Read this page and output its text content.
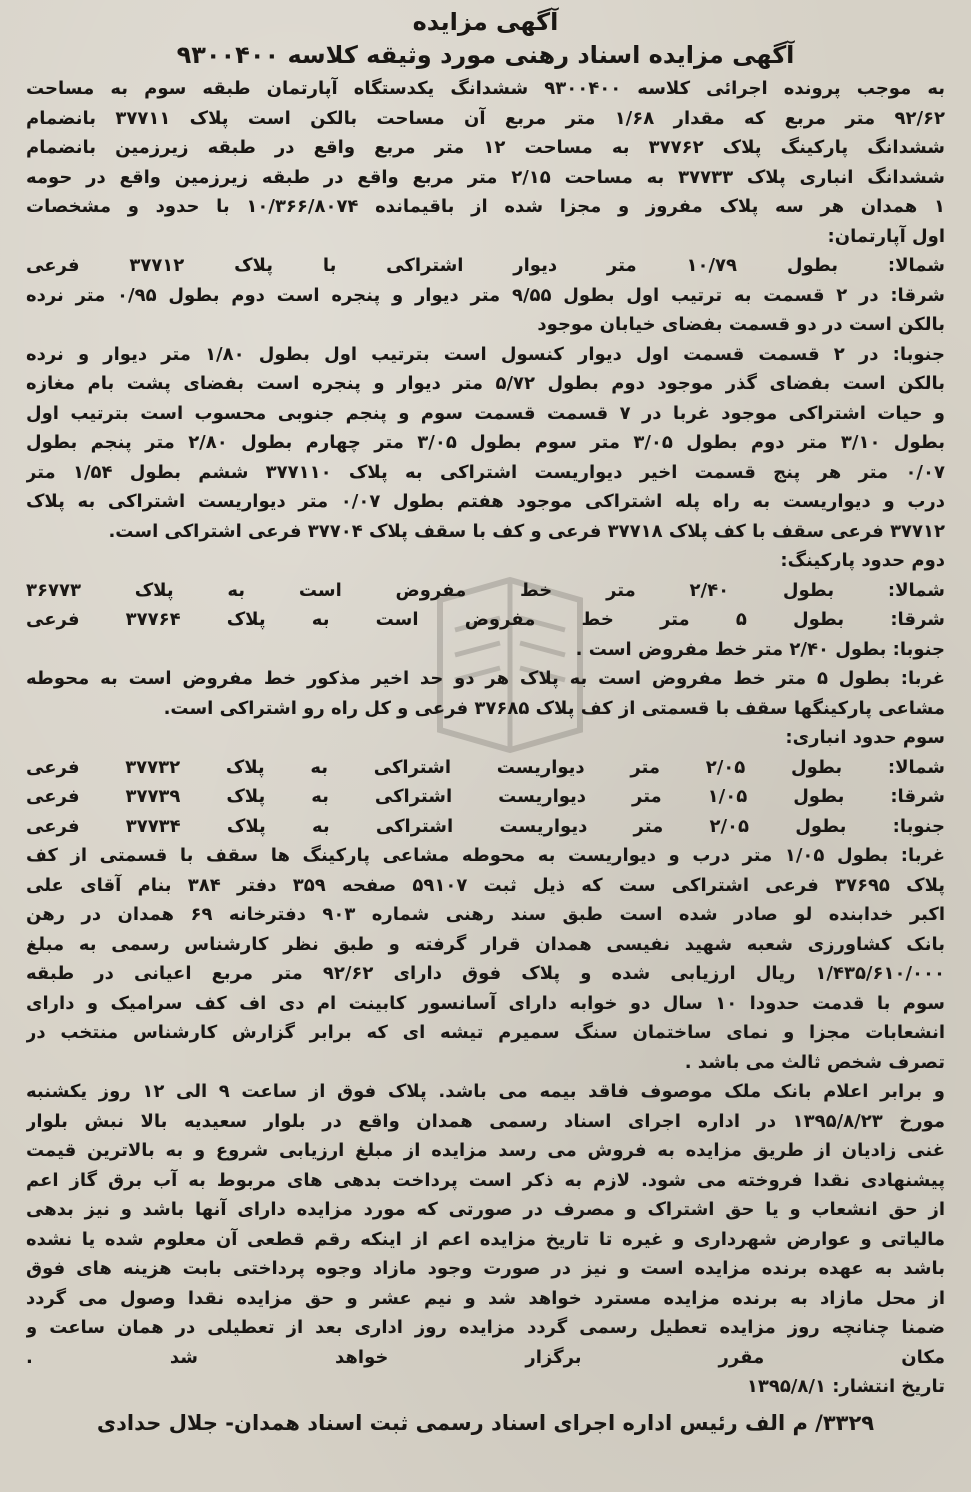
آگهی مزایده
آگهی مزایده اسناد رهنی مورد وثیقه کلاسه ۹۳۰۰۴۰۰
به موجب پرونده اجرائی کلاسه ۹۳۰۰۴۰۰ ششدانگ یکدستگاه آپارتمان طبقه سوم به مساحت
۹۲/۶۲ متر مربع که مقدار ۱/۶۸ متر مربع آن مساحت بالکن است پلاک ۳۷۷۱۱ بانضمام
ششدانگ پارکینگ پلاک ۳۷۷۶۲ به مساحت ۱۲ متر مربع واقع در طبقه زیرزمین بانضمام
ششدانگ انباری پلاک ۳۷۷۳۳ به مساحت ۲/۱۵ متر مربع واقع در طبقه زیرزمین واقع در حومه
۱ همدان هر سه پلاک مفروز و مجزا شده از باقیمانده ۱۰/۳۶۶/۸۰۷۴ با حدود و مشخصات
اول آپارتمان:
شمالا: بطول ۱۰/۷۹ متر دیوار اشتراکی با پلاک ۳۷۷۱۲ فرعی
شرقا: در ۲ قسمت به ترتیب اول بطول ۹/۵۵ متر دیوار و پنجره است دوم بطول ۰/۹۵ متر نرده
بالکن است در دو قسمت بفضای خیابان موجود
جنوبا: در ۲ قسمت قسمت اول دیوار کنسول است بترتیب اول بطول ۱/۸۰ متر دیوار و نرده
بالکن است بفضای گذر موجود دوم بطول ۵/۷۲ متر دیوار و پنجره است بفضای پشت بام مغازه
و حیات اشتراکی موجود غربا در ۷ قسمت قسمت سوم و پنجم جنوبی محسوب است بترتیب اول
بطول ۳/۱۰ متر دوم بطول ۳/۰۵ متر سوم بطول ۳/۰۵ متر چهارم بطول ۲/۸۰ متر پنجم بطول
۰/۰۷ متر هر پنج قسمت اخیر دیواریست اشتراکی به پلاک ۳۷۷۱۱۰ ششم بطول ۱/۵۴ متر
درب و دیواریست به راه پله اشتراکی موجود هفتم بطول ۰/۰۷ متر دیواریست اشتراکی به پلاک
۳۷۷۱۲ فرعی سقف با کف پلاک ۳۷۷۱۸ فرعی و کف با سقف پلاک ۳۷۷۰۴ فرعی اشتراکی است.
دوم حدود پارکینگ:
شمالا: بطول ۲/۴۰ متر خط مفروض است به پلاک ۳۶۷۷۳
شرقا: بطول ۵ متر خط مفروض است به پلاک ۳۷۷۶۴ فرعی
جنوبا: بطول ۲/۴۰ متر خط مفروض است .
غربا: بطول ۵ متر خط مفروض است به پلاک هر دو حد اخیر مذکور خط مفروض است به محوطه
مشاعی پارکینگها سقف با قسمتی از کف پلاک ۳۷۶۸۵ فرعی و کل راه رو اشتراکی است.
سوم حدود انباری:
شمالا: بطول ۲/۰۵ متر دیواریست اشتراکی به پلاک ۳۷۷۳۲ فرعی
شرقا: بطول ۱/۰۵ متر دیواریست اشتراکی به پلاک ۳۷۷۳۹ فرعی
جنوبا: بطول ۲/۰۵ متر دیواریست اشتراکی به پلاک ۳۷۷۳۴ فرعی
غربا: بطول ۱/۰۵ متر درب و دیواریست به محوطه مشاعی پارکینگ ها سقف با قسمتی از کف
پلاک ۳۷۶۹۵ فرعی اشتراکی ست که ذیل ثبت ۵۹۱۰۷ صفحه ۳۵۹ دفتر ۳۸۴ بنام آقای علی
اکبر خدابنده لو صادر شده است طبق سند رهنی شماره ۹۰۳ دفترخانه ۶۹ همدان در رهن
بانک کشاورزی شعبه شهید نفیسی همدان قرار گرفته و طبق نظر کارشناس رسمی به مبلغ
۱/۴۳۵/۶۱۰/۰۰۰ ریال ارزیابی شده و پلاک فوق دارای ۹۲/۶۲ متر مربع اعیانی در طبقه
سوم با قدمت حدودا ۱۰ سال دو خوابه دارای آسانسور کابینت ام دی اف کف سرامیک و دارای
انشعابات مجزا و نمای ساختمان سنگ سمیرم تیشه ای که برابر گزارش کارشناس منتخب در
تصرف شخص ثالث می باشد .
و برابر اعلام بانک ملک موصوف فاقد بیمه می باشد. پلاک فوق از ساعت ۹ الی ۱۲ روز یکشنبه
مورخ ۱۳۹۵/۸/۲۳ در اداره اجرای اسناد رسمی همدان واقع در بلوار سعیدیه بالا نبش بلوار
غنی زادیان از طریق مزایده به فروش می رسد مزایده از مبلغ ارزیابی شروع و به بالاترین قیمت
پیشنهادی نقدا فروخته می شود. لازم به ذکر است پرداخت بدهی های مربوط به آب برق گاز اعم
از حق انشعاب و یا حق اشتراک و مصرف در صورتی که مورد مزایده دارای آنها باشد و نیز بدهی
مالیاتی و عوارض شهرداری و غیره تا تاریخ مزایده اعم از اینکه رقم قطعی آن معلوم شده یا نشده
باشد به عهده برنده مزایده است و نیز در صورت وجود مازاد وجوه پرداختی بابت هزینه های فوق
از محل مازاد به برنده مزایده مسترد خواهد شد و نیم عشر و حق مزایده نقدا وصول می گردد
ضمنا چنانچه روز مزایده تعطیل رسمی گردد مزایده روز اداری بعد از تعطیلی در همان ساعت و
مکان مقرر برگزار خواهد شد .
تاریخ انتشار: ۱۳۹۵/۸/۱
۳۳۲۹/ م الف رئیس اداره اجرای اسناد رسمی ثبت اسناد همدان- جلال حدادی
